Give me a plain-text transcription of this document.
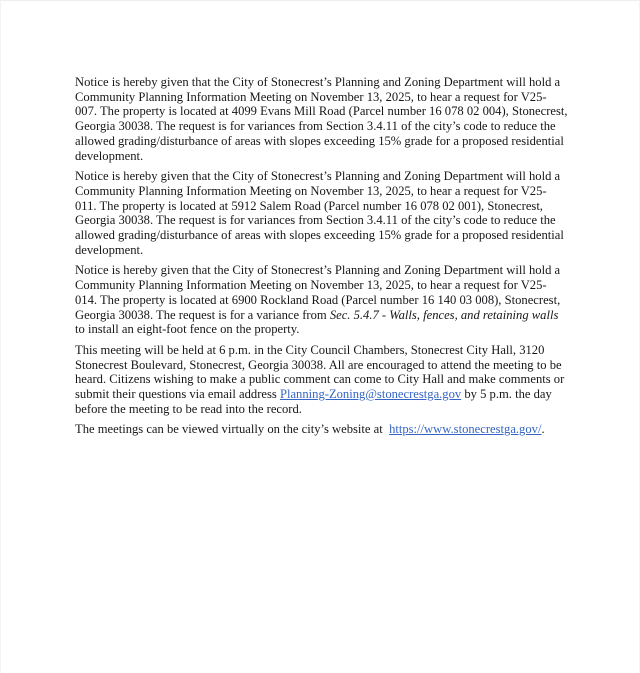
Notice is hereby given that the City of Stonecrest’s Planning and Zoning Department will hold a Community Planning Information Meeting on November 13, 2025, to hear a request for V25-007. The property is located at 4099 Evans Mill Road (Parcel number 16 078 02 004), Stonecrest, Georgia 30038. The request is for variances from Section 3.4.11 of the city’s code to reduce the allowed grading/disturbance of areas with slopes exceeding 15% grade for a proposed residential development.

Notice is hereby given that the City of Stonecrest’s Planning and Zoning Department will hold a Community Planning Information Meeting on November 13, 2025, to hear a request for V25-011. The property is located at 5912 Salem Road (Parcel number 16 078 02 001), Stonecrest, Georgia 30038. The request is for variances from Section 3.4.11 of the city’s code to reduce the allowed grading/disturbance of areas with slopes exceeding 15% grade for a proposed residential development.

Notice is hereby given that the City of Stonecrest’s Planning and Zoning Department will hold a Community Planning Information Meeting on November 13, 2025, to hear a request for V25-014. The property is located at 6900 Rockland Road (Parcel number 16 140 03 008), Stonecrest, Georgia 30038. The request is for a variance from Sec. 5.4.7 - Walls, fences, and retaining walls to install an eight-foot fence on the property.

This meeting will be held at 6 p.m. in the City Council Chambers, Stonecrest City Hall, 3120 Stonecrest Boulevard, Stonecrest, Georgia 30038. All are encouraged to attend the meeting to be heard. Citizens wishing to make a public comment can come to City Hall and make comments or submit their questions via email address Planning-Zoning@stonecrestga.gov by 5 p.m. the day before the meeting to be read into the record.

The meetings can be viewed virtually on the city’s website at  https://www.stonecrestga.gov/.
